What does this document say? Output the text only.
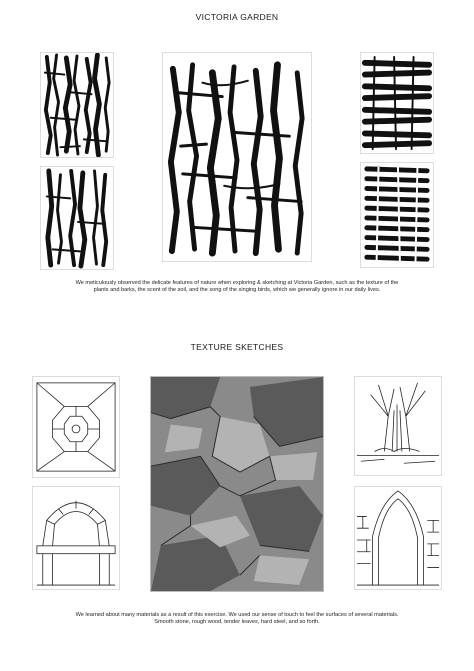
VICTORIA GARDEN
We meticulously observed the delicate features of nature when exploring & sketching at Victoria Garden, such as the texture of the plants and barks, the scent of the soil, and the song of the singing birds, which we generally ignore in our daily lives.
TEXTURE SKETCHES
We learned about many materials as a result of this exercise. We used our sense of touch to feel the surfaces of several materials. Smooth stone, rough wood, tender leaves, hard steel, and so forth.
